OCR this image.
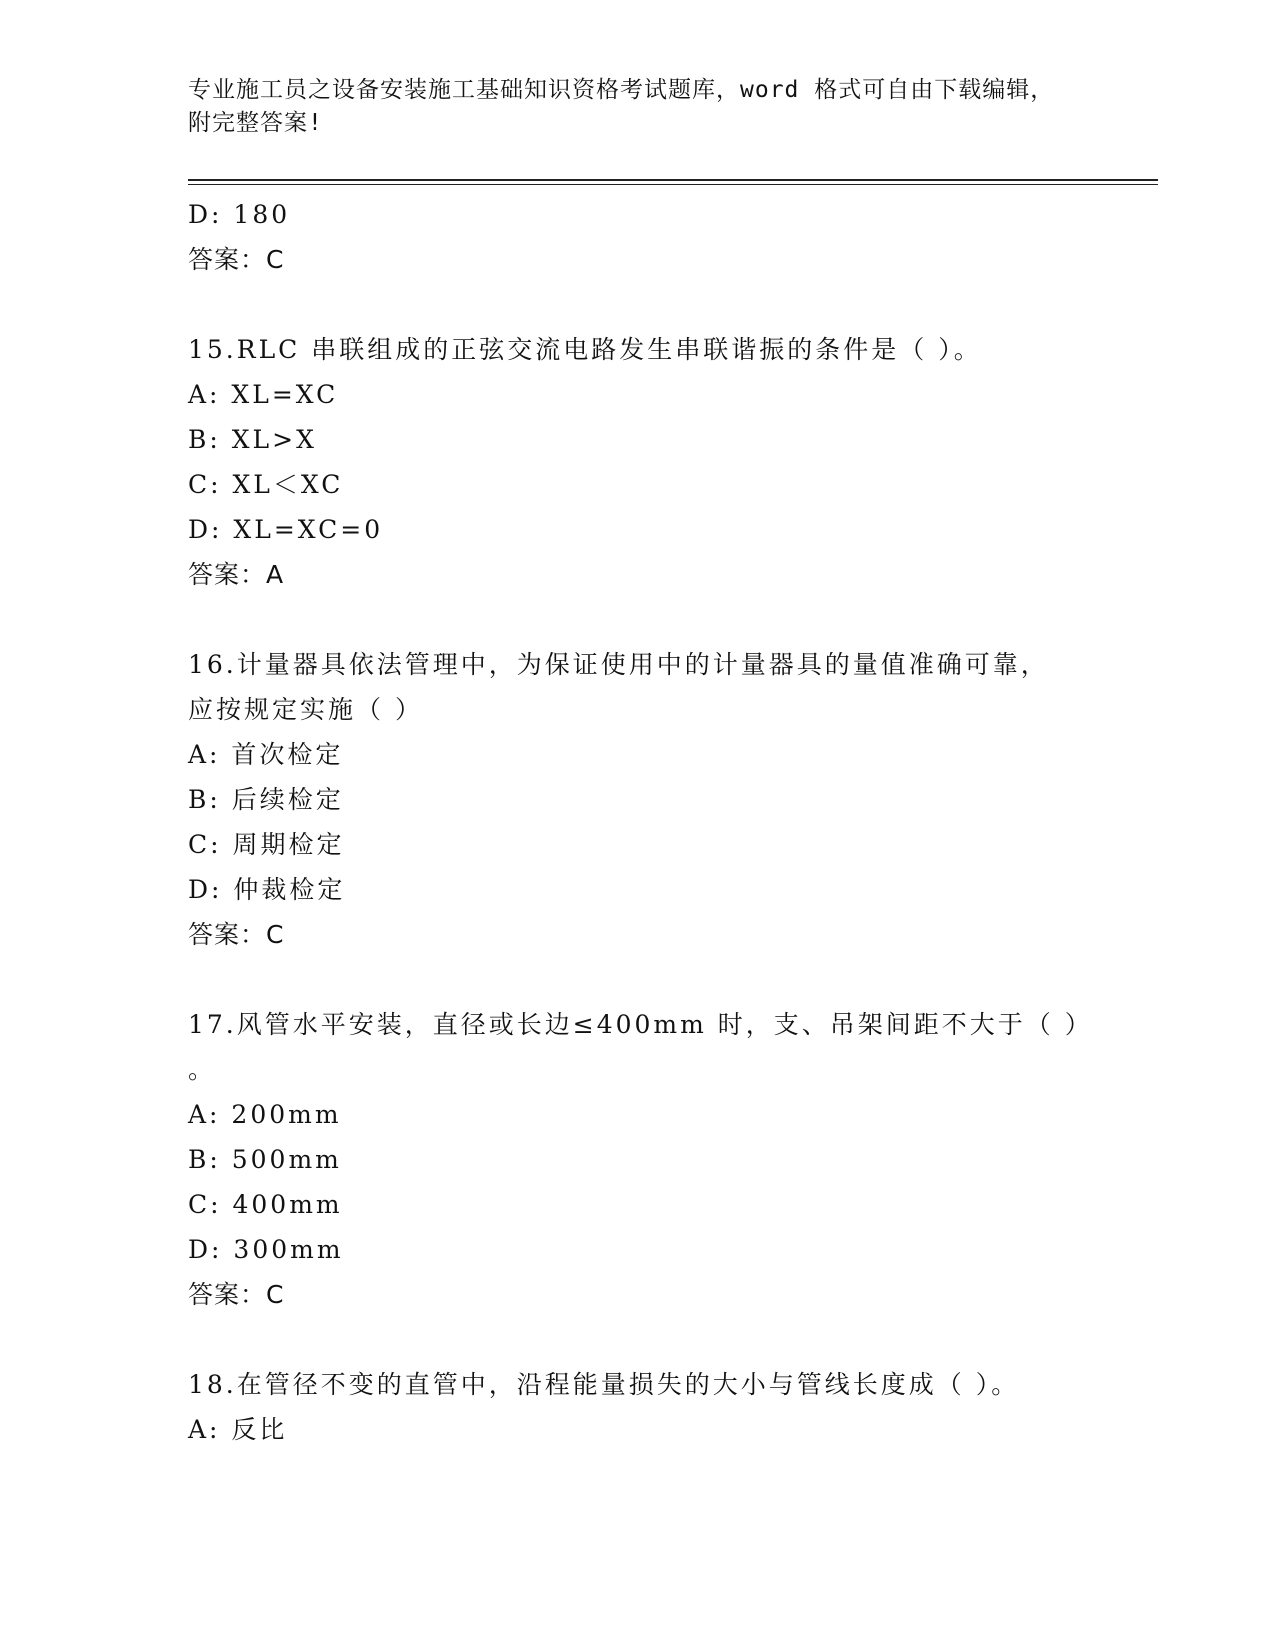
专业施工员之设备安装施工基础知识资格考试题库，word 格式可自由下载编辑，
附完整答案!
D: 180
答案：C
15.RLC 串联组成的正弦交流电路发生串联谐振的条件是（ ）。
A: XL=XC
B: XL>X
C: XL＜XC
D: XL=XC=0
答案：A
16.计量器具依法管理中，为保证使用中的计量器具的量值准确可靠，
应按规定实施（ ）
A: 首次检定
B: 后续检定
C: 周期检定
D: 仲裁检定
答案：C
17.风管水平安装，直径或长边≤400mm 时，支、吊架间距不大于（ ）
。
A: 200mm
B: 500mm
C: 400mm
D: 300mm
答案：C
18.在管径不变的直管中，沿程能量损失的大小与管线长度成（ ）。
A: 反比
